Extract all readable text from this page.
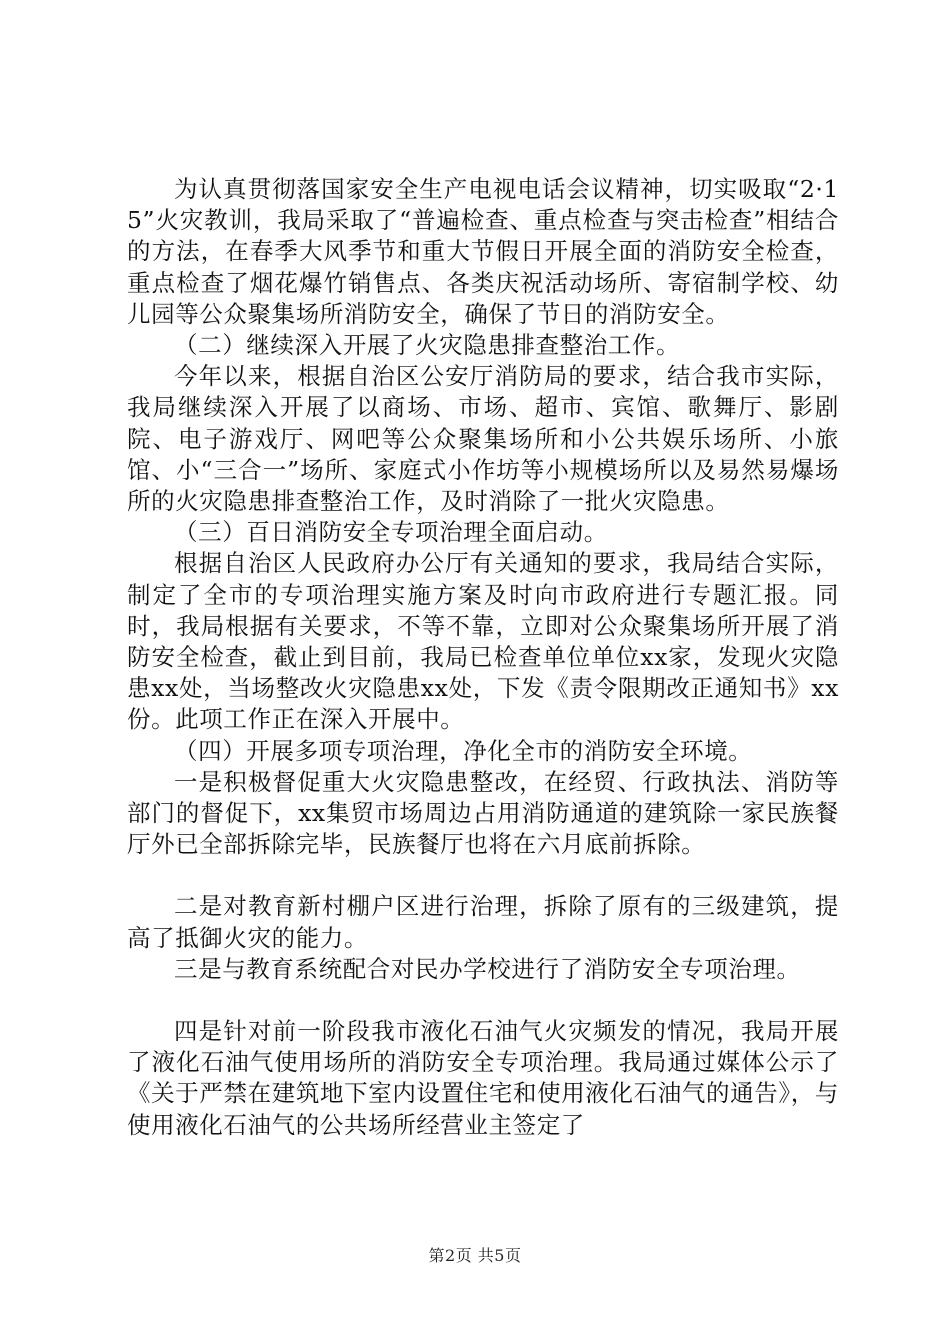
为认真贯彻落国家安全生产电视电话会议精神，切实吸取“2·15”火灾教训，我局采取了“普遍检查、重点检查与突击检查”相结合的方法，在春季大风季节和重大节假日开展全面的消防安全检查，重点检查了烟花爆竹销售点、各类庆祝活动场所、寄宿制学校、幼儿园等公众聚集场所消防安全，确保了节日的消防安全。

（二）继续深入开展了火灾隐患排查整治工作。

今年以来，根据自治区公安厅消防局的要求，结合我市实际，我局继续深入开展了以商场、市场、超市、宾馆、歌舞厅、影剧院、电子游戏厅、网吧等公众聚集场所和小公共娱乐场所、小旅馆、小“三合一”场所、家庭式小作坊等小规模场所以及易然易爆场所的火灾隐患排查整治工作，及时消除了一批火灾隐患。

（三）百日消防安全专项治理全面启动。

根据自治区人民政府办公厅有关通知的要求，我局结合实际，制定了全市的专项治理实施方案及时向市政府进行专题汇报。同时，我局根据有关要求，不等不靠，立即对公众聚集场所开展了消防安全检查，截止到目前，我局已检查单位单位xx家，发现火灾隐患xx处，当场整改火灾隐患xx处，下发《责令限期改正通知书》xx份。此项工作正在深入开展中。

（四）开展多项专项治理，净化全市的消防安全环境。

一是积极督促重大火灾隐患整改，在经贸、行政执法、消防等部门的督促下，xx集贸市场周边占用消防通道的建筑除一家民族餐厅外已全部拆除完毕，民族餐厅也将在六月底前拆除。

二是对教育新村棚户区进行治理，拆除了原有的三级建筑，提高了抵御火灾的能力。

三是与教育系统配合对民办学校进行了消防安全专项治理。

四是针对前一阶段我市液化石油气火灾频发的情况，我局开展了液化石油气使用场所的消防安全专项治理。我局通过媒体公示了《关于严禁在建筑地下室内设置住宅和使用液化石油气的通告》，与使用液化石油气的公共场所经营业主签定了

第2页 共5页
